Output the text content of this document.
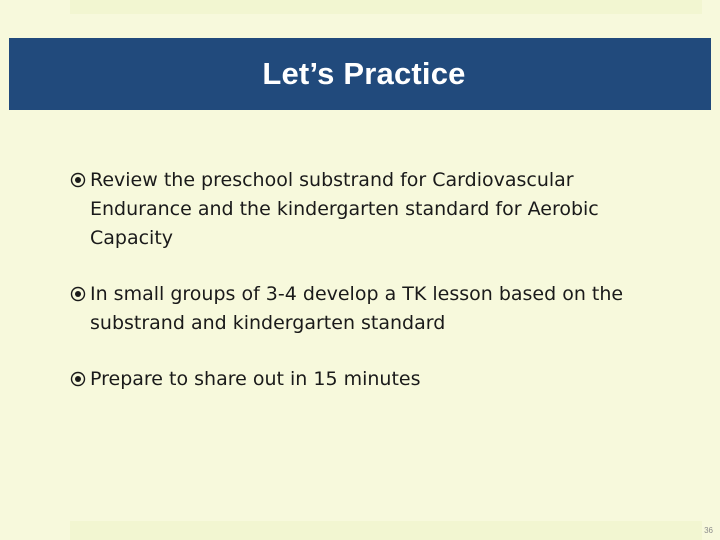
Let’s Practice
Review the preschool substrand for Cardiovascular Endurance and the kindergarten standard for Aerobic Capacity
In small groups of 3-4 develop a TK lesson based on the substrand and kindergarten standard
Prepare to share out in 15 minutes
36
